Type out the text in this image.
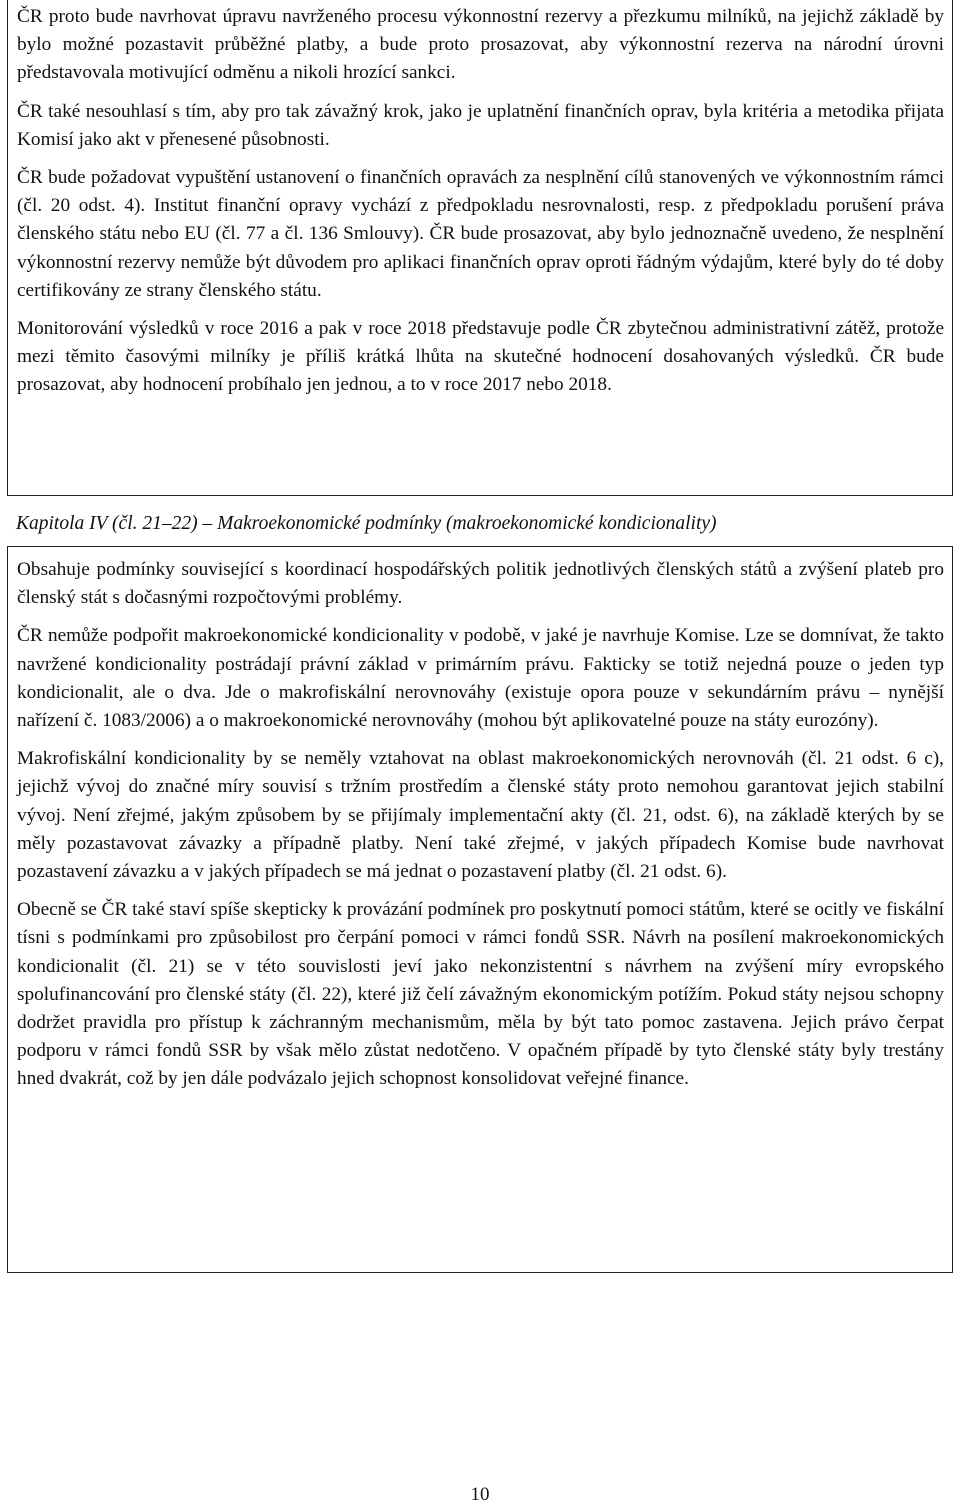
ČR proto bude navrhovat úpravu navrženého procesu výkonnostní rezervy a přezkumu milníků, na jejichž základě by bylo možné pozastavit průběžné platby, a bude proto prosazovat, aby výkonnostní rezerva na národní úrovni představovala motivující odměnu a nikoli hrozící sankci.

ČR také nesouhlasí s tím, aby pro tak závažný krok, jako je uplatnění finančních oprav, byla kritéria a metodika přijata Komisí jako akt v přenesené působnosti.

ČR bude požadovat vypuštění ustanovení o finančních opravách za nesplnění cílů stanovených ve výkonnostním rámci (čl. 20 odst. 4). Institut finanční opravy vychází z předpokladu nesrovnalosti, resp. z předpokladu porušení práva členského státu nebo EU (čl. 77 a čl. 136 Smlouvy). ČR bude prosazovat, aby bylo jednoznačně uvedeno, že nesplnění výkonnostní rezervy nemůže být důvodem pro aplikaci finančních oprav oproti řádným výdajům, které byly do té doby certifikovány ze strany členského státu.

Monitorování výsledků v roce 2016 a pak v roce 2018 představuje podle ČR zbytečnou administrativní zátěž, protože mezi těmito časovými milníky je příliš krátká lhůta na skutečné hodnocení dosahovaných výsledků. ČR bude prosazovat, aby hodnocení probíhalo jen jednou, a to v roce 2017 nebo 2018.

Kapitola IV (čl. 21–22) – Makroekonomické podmínky (makroekonomické kondicionality)

Obsahuje podmínky související s koordinací hospodářských politik jednotlivých členských států a zvýšení plateb pro členský stát s dočasnými rozpočtovými problémy.

ČR nemůže podpořit makroekonomické kondicionality v podobě, v jaké je navrhuje Komise. Lze se domnívat, že takto navržené kondicionality postrádají právní základ v primárním právu. Fakticky se totiž nejedná pouze o jeden typ kondicionalit, ale o dva. Jde o makrofiskální nerovnováhy (existuje opora pouze v sekundárním právu – nynější nařízení č. 1083/2006) a o makroekonomické nerovnováhy (mohou být aplikovatelné pouze na státy eurozóny).

Makrofiskální kondicionality by se neměly vztahovat na oblast makroekonomických nerovnováh (čl. 21 odst. 6 c), jejichž vývoj do značné míry souvisí s tržním prostředím a členské státy proto nemohou garantovat jejich stabilní vývoj. Není zřejmé, jakým způsobem by se přijímaly implementační akty (čl. 21, odst. 6), na základě kterých by se měly pozastavovat závazky a případně platby. Není také zřejmé, v jakých případech Komise bude navrhovat pozastavení závazku a v jakých případech se má jednat o pozastavení platby (čl. 21 odst. 6).

Obecně se ČR také staví spíše skepticky k provázání podmínek pro poskytnutí pomoci státům, které se ocitly ve fiskální tísni s podmínkami pro způsobilost pro čerpání pomoci v rámci fondů SSR. Návrh na posílení makroekonomických kondicionalit (čl. 21) se v této souvislosti jeví jako nekonzistentní s návrhem na zvýšení míry evropského spolufinancování pro členské státy (čl. 22), které již čelí závažným ekonomickým potížím. Pokud státy nejsou schopny dodržet pravidla pro přístup k záchranným mechanismům, měla by být tato pomoc zastavena. Jejich právo čerpat podporu v rámci fondů SSR by však mělo zůstat nedotčeno. V opačném případě by tyto členské státy byly trestány hned dvakrát, což by jen dále podvázalo jejich schopnost konsolidovat veřejné finance.

10
